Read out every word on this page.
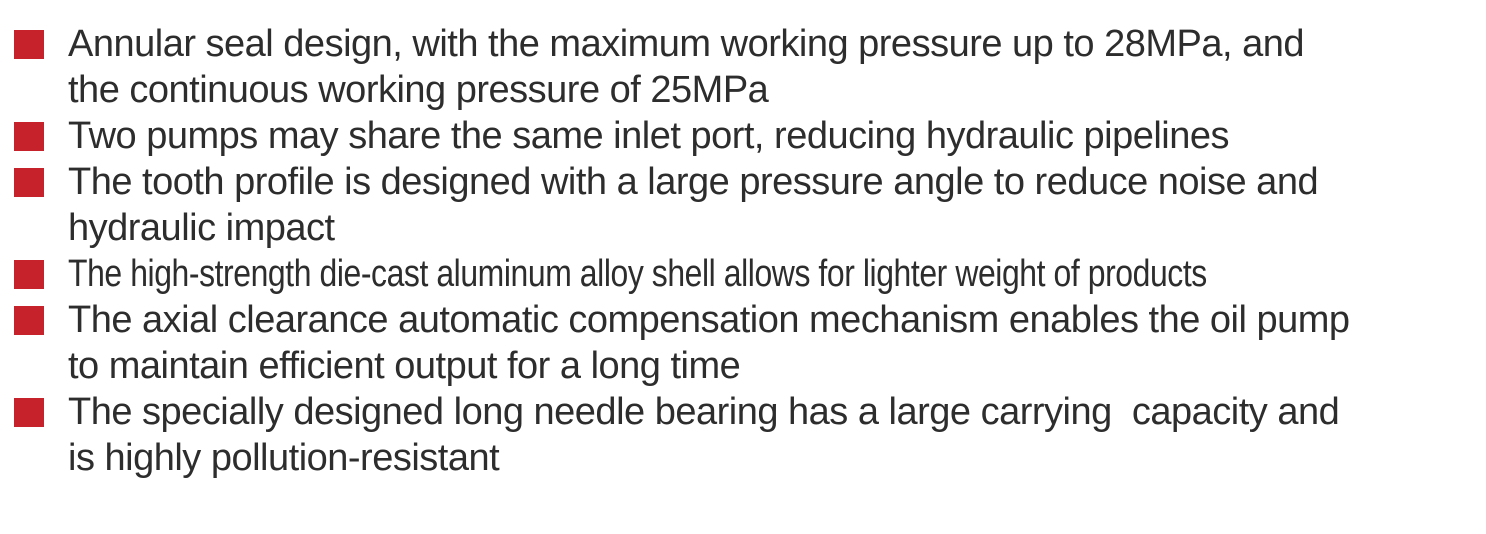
Annular seal design, with the maximum working pressure up to 28MPa, and
the continuous working pressure of 25MPa
Two pumps may share the same inlet port, reducing hydraulic pipelines
The tooth profile is designed with a large pressure angle to reduce noise and
hydraulic impact
The high-strength die-cast aluminum alloy shell allows for lighter weight of products
The axial clearance automatic compensation mechanism enables the oil pump
to maintain efficient output for a long time
The specially designed long needle bearing has a large carrying  capacity and
is highly pollution-resistant
